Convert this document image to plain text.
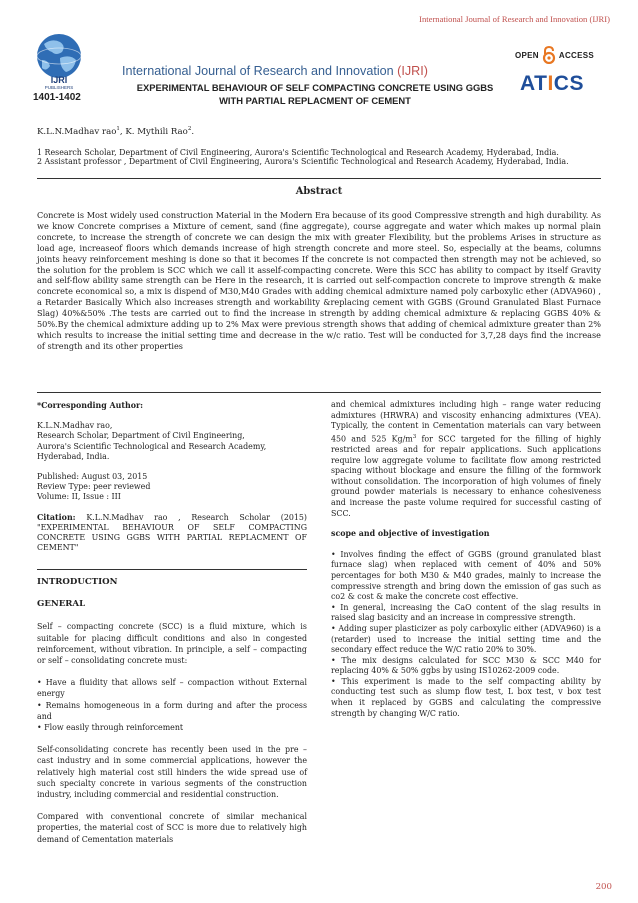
International Journal of Research and Innovation (IJRI)
IJRI
PUBLISHERS
1401-1402
International Journal of Research and Innovation (IJRI)
EXPERIMENTAL BEHAVIOUR OF SELF COMPACTING CONCRETE USING GGBS
WITH PARTIAL REPLACMENT OF CEMENT
OPEN	ACCESS
ATICS
K.L.N.Madhav rao$^1$, K. Mythili Rao$^2$.
1 Research Scholar, Department of Civil Engineering, Aurora's Scientific Technological and Research Academy, Hyderabad, India.
2 Assistant professor , Department of Civil Engineering, Aurora's Scientific Technological and Research Academy, Hyderabad, India.
Abstract
Concrete is Most widely used construction Material in the Modern Era because of its good Compressive strength and high durability. As we know Concrete comprises a Mixture of cement, sand (fine aggregate), course aggregate and water which makes up normal plain concrete, to increase the strength of concrete we can design the mix with greater Flexibility, but the problems Arises in structure as load age, increaseof floors which demands increase of high strength concrete and more steel. So, especially at the beams, columns joints heavy reinforcement meshing is done so that it becomes If the concrete is not compacted then strength may not be achieved, so the solution for the problem is SCC which we call it asself-compacting concrete. Were this SCC has ability to compact by itself Gravity and self-flow ability same strength can be Here in the research, it is carried out self-compaction concrete to improve strength & make concrete economical so, a mix is dispend of M30,M40 Grades with adding chemical admixture named poly carboxylic ether (ADVA960) , a Retarder Basically Which also increases strength and workability &replacing cement with GGBS (Ground Granulated Blast Furnace Slag) 40%&50% .The tests are carried out to find the increase in strength by adding chemical admixture & replacing GGBS 40% & 50%.By the chemical admixture adding up to 2% Max were previous strength shows that adding of chemical admixture greater than 2% which results to increase the initial setting time and decrease in the w/c ratio. Test will be conducted for 3,7,28 days find the increase of strength and its other properties
*Corresponding Author:
K.L.N.Madhav rao,
Research Scholar, Department of Civil Engineering,
Aurora's Scientific Technological and Research Academy,
Hyderabad, India.
Published: August 03, 2015
Review Type: peer reviewed
Volume: II, Issue : III
Citation: K.L.N.Madhav rao , Research Scholar (2015) "EXPERIMENTAL BEHAVIOUR OF SELF COMPACTING CONCRETE USING GGBS WITH PARTIAL REPLACMENT OF CEMENT"
INTRODUCTION
GENERAL

Self – compacting concrete (SCC) is a fluid mixture, which is suitable for placing difficult conditions and also in congested reinforcement, without vibration. In principle, a self – compacting or self – consolidating concrete must:

• Have a fluidity that allows self – compaction without External energy

• Remains homogeneous in a form during and after the process and

• Flow easily through reinforcement

Self-consolidating concrete has recently been used in the pre – cast industry and in some commercial applications, however the relatively high material cost still hinders the wide spread use of such specialty concrete in various segments of the construction industry, including commercial and residential construction.

Compared with conventional concrete of similar mechanical properties, the material cost of SCC is more due to relatively high demand of Cementation materials

and chemical admixtures including high – range water reducing admixtures (HRWRA) and viscosity enhancing admixtures (VEA). Typically, the content in Cementation materials can vary between 450 and 525 $Kg/m^3$ for SCC targeted for the filling of highly restricted areas and for repair applications. Such applications require low aggregate volume to facilitate flow among restricted spacing without blockage and ensure the filling of the formwork without consolidation. The incorporation of high volumes of finely ground powder materials is necessary to enhance cohesiveness and increase the paste volume required for successful casting of SCC.

scope and objective of investigation

• Involves finding the effect of GGBS (ground granulated blast furnace slag) when replaced with cement of 40% and 50% percentages for both M30 & M40 grades, mainly to increase the compressive strength and bring down the emission of gas such as co2 & cost & make the concrete cost effective.

• In general, increasing the CaO content of the slag results in raised slag basicity and an increase in compressive strength.

• Adding super plasticizer as poly carboxylic either (ADVA960) is a (retarder) used to increase the initial setting time and the secondary effect reduce the W/C ratio 20% to 30%.

• The mix designs calculated for SCC M30 & SCC M40 for replacing 40% & 50% ggbs by using IS10262-2009 code.

• This experiment is made to the self compacting ability by conducting test such as slump flow test, L box test, v box test when it replaced by GGBS and calculating the compressive strength by changing W/C ratio.

200
